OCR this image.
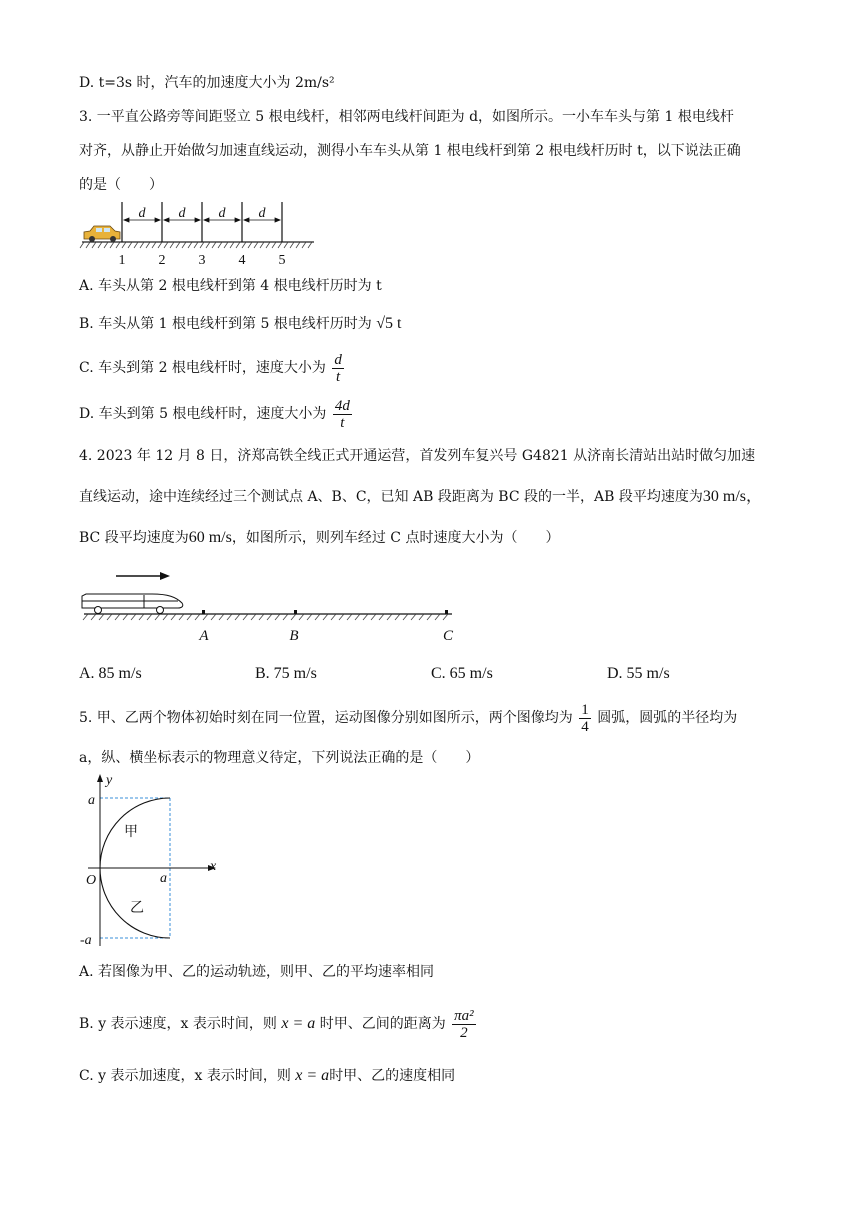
D. t=3s 时，汽车的加速度大小为 2m/s²
3. 一平直公路旁等间距竖立 5 根电线杆，相邻两电线杆间距为 d，如图所示。一小车车头与第 1 根电线杆
对齐，从静止开始做匀加速直线运动，测得小车车头从第 1 根电线杆到第 2 根电线杆历时 t，以下说法正确
的是（　　）
d d d d
1 2 3 4 5
A. 车头从第 2 根电线杆到第 4 根电线杆历时为 t
B. 车头从第 1 根电线杆到第 5 根电线杆历时为 √5 t
C. 车头到第 2 根电线杆时，速度大小为 $\frac{d}{t}$
D. 车头到第 5 根电线杆时，速度大小为 $\frac{4d}{t}$
4. 2023 年 12 月 8 日，济郑高铁全线正式开通运营，首发列车复兴号 G4821 从济南长清站出站时做匀加速
直线运动，途中连续经过三个测试点 A、B、C，已知 AB 段距离为 BC 段的一半，AB 段平均速度为30 m/s，
BC 段平均速度为60 m/s，如图所示，则列车经过 C 点时速度大小为（　　）
A	B	C
A. 85 m/s	B. 75 m/s	C. 65 m/s	D. 55 m/s
5. 甲、乙两个物体初始时刻在同一位置，运动图像分别如图所示，两个图像均为 $\frac{1}{4}$ 圆弧，圆弧的半径均为
a，纵、横坐标表示的物理意义待定，下列说法正确的是（　　）
y
x
O
a
-a
a
甲
乙
A. 若图像为甲、乙的运动轨迹，则甲、乙的平均速率相同
B. y 表示速度，x 表示时间，则 x = a 时甲、乙间的距离为 $\frac{\text{πa²}}{2}$
C. y 表示加速度，x 表示时间，则 x = a时甲、乙的速度相同
